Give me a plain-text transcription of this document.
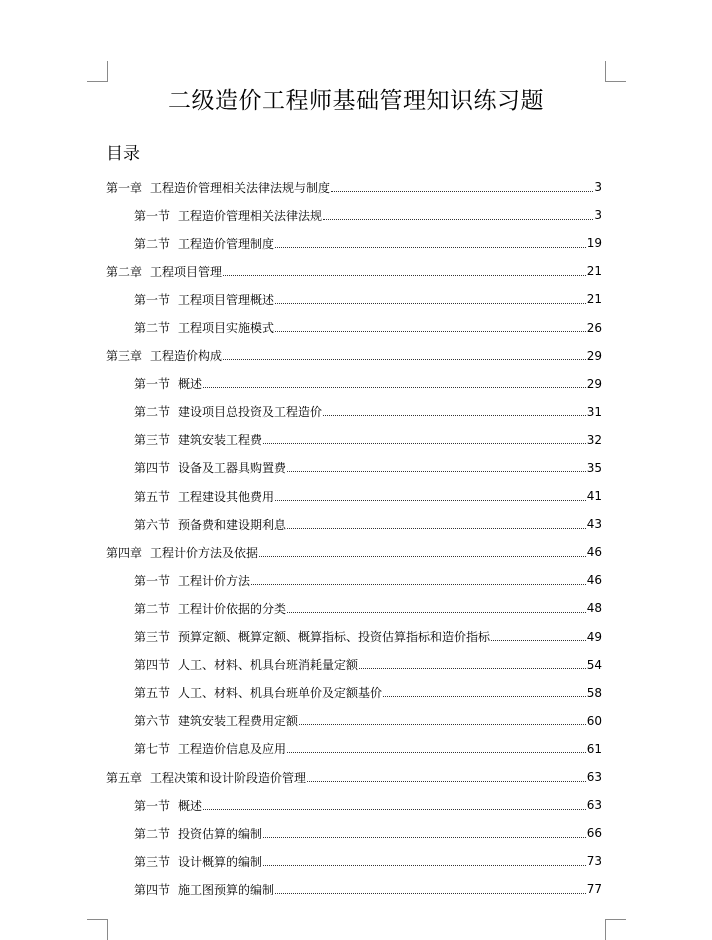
二级造价工程师基础管理知识练习题
目录
第一章 工程造价管理相关法律法规与制度	3
第一节 工程造价管理相关法律法规	3
第二节 工程造价管理制度	19
第二章 工程项目管理	21
第一节 工程项目管理概述	21
第二节 工程项目实施模式	26
第三章 工程造价构成	29
第一节 概述	29
第二节 建设项目总投资及工程造价	31
第三节 建筑安装工程费	32
第四节 设备及工器具购置费	35
第五节 工程建设其他费用	41
第六节 预备费和建设期利息	43
第四章 工程计价方法及依据	46
第一节 工程计价方法	46
第二节 工程计价依据的分类	48
第三节 预算定额、概算定额、概算指标、投资估算指标和造价指标	49
第四节 人工、材料、机具台班消耗量定额	54
第五节 人工、材料、机具台班单价及定额基价	58
第六节 建筑安装工程费用定额	60
第七节 工程造价信息及应用	61
第五章 工程决策和设计阶段造价管理	63
第一节 概述	63
第二节 投资估算的编制	66
第三节 设计概算的编制	73
第四节 施工图预算的编制	77
